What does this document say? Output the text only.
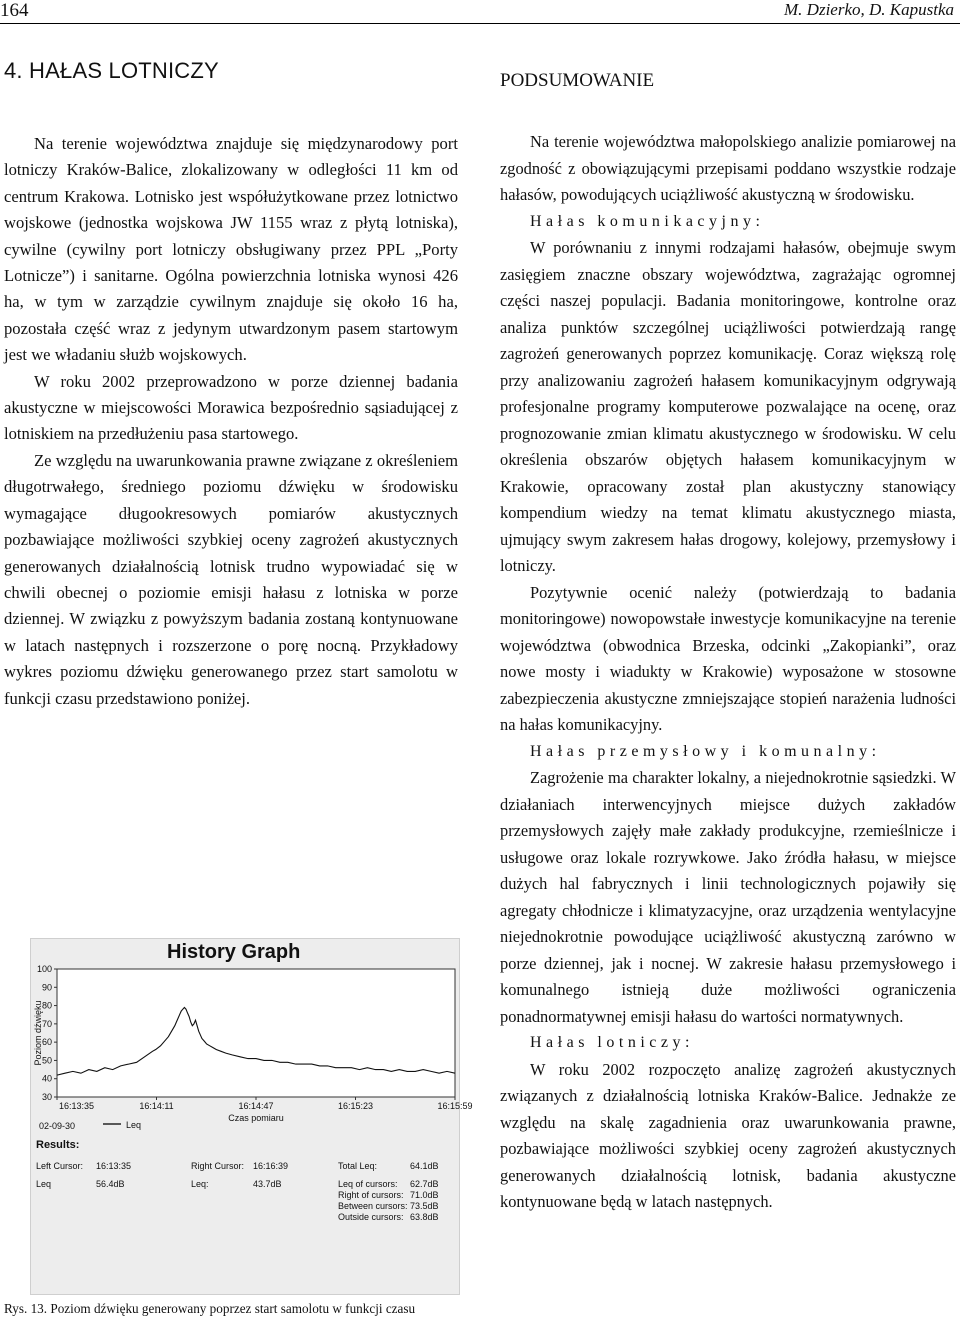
164	M. Dzierko, D. Kapustka
4. HAŁAS LOTNICZY

Na terenie województwa znajduje się międzynarodowy port lotniczy Kraków-Balice, zlokalizowany w odległości 11 km od centrum Krakowa. Lotnisko jest współużytkowane przez lotnictwo wojskowe (jednostka wojskowa JW 1155 wraz z płytą lotniska), cywilne (cywilny port lotniczy obsługiwany przez PPL „Porty Lotnicze”) i sanitarne. Ogólna powierzchnia lotniska wynosi 426 ha, w tym w zarządzie cywilnym znajduje się około 16 ha, pozostała część wraz z jedynym utwardzonym pasem startowym jest we władaniu służb wojskowych.

W roku 2002 przeprowadzono w porze dziennej badania akustyczne w miejscowości Morawica bezpośrednio sąsiadującej z lotniskiem na przedłużeniu pasa startowego.

Ze względu na uwarunkowania prawne związane z określeniem długotrwałego, średniego poziomu dźwięku w środowisku wymagające długookresowych pomiarów akustycznych pozbawiające możliwości szybkiej oceny zagrożeń akustycznych generowanych działalnością lotnisk trudno wypowiadać się w chwili obecnej o poziomie emisji hałasu z lotniska w porze dziennej. W związku z powyższym badania zostaną kontynuowane w latach następnych i rozszerzone o porę nocną. Przykładowy wykres poziomu dźwięku generowanego przez start samolotu w funkcji czasu przedstawiono poniżej.

30
40
50
60
70
80
90
100
16:13:35	16:14:11	16:14:47	16:15:23	16:15:59
Czas pomiaru
Poziom dźwięku
02-09-30	Leq
History Graph
Results:
Left Cursor: 16:13:35	Right Cursor: 16:16:39	Total Leq:	64.1dB
Leq	56.4dB	Leq:	43.7dB	Leq of cursors: 62.7dB
Right of cursors: 71.0dB
Between cursors: 73.5dB
Outside cursors: 63.8dB
Rys. 13. Poziom dźwięku generowany poprzez start samolotu w funkcji czasu
PODSUMOWANIE

Na terenie województwa małopolskiego analizie pomiarowej na zgodność z obowiązującymi przepisami poddano wszystkie rodzaje hałasów, powodujących uciążliwość akustyczną w środowisku.

Hałas komunikacyjny:

W porównaniu z innymi rodzajami hałasów, obejmuje swym zasięgiem znaczne obszary województwa, zagrażając ogromnej części naszej populacji. Badania monitoringowe, kontrolne oraz analiza punktów szczególnej uciążliwości potwierdzają rangę zagrożeń generowanych poprzez komunikację. Coraz większą rolę przy analizowaniu zagrożeń hałasem komunikacyjnym odgrywają profesjonalne programy komputerowe pozwalające na ocenę, oraz prognozowanie zmian klimatu akustycznego w środowisku. W celu określenia obszarów objętych hałasem komunikacyjnym w Krakowie, opracowany został plan akustyczny stanowiący kompendium wiedzy na temat klimatu akustycznego miasta, ujmujący swym zakresem hałas drogowy, kolejowy, przemysłowy i lotniczy.

Pozytywnie ocenić należy (potwierdzają to badania monitoringowe) nowopowstałe inwestycje komunikacyjne na terenie województwa (obwodnica Brzeska, odcinki „Zakopianki”, oraz nowe mosty i wiadukty w Krakowie) wyposażone w stosowne zabezpieczenia akustyczne zmniejszające stopień narażenia ludności na hałas komunikacyjny.

Hałas przemysłowy i komunalny:

Zagrożenie ma charakter lokalny, a niejednokrotnie sąsiedzki. W działaniach interwencyjnych miejsce dużych zakładów przemysłowych zajęły małe zakłady produkcyjne, rzemieślnicze i usługowe oraz lokale rozrywkowe. Jako źródła hałasu, w miejsce dużych hal fabrycznych i linii technologicznych pojawiły się agregaty chłodnicze i klimatyzacyjne, oraz urządzenia wentylacyjne niejednokrotnie powodujące uciążliwość akustyczną zarówno w porze dziennej, jak i nocnej. W zakresie hałasu przemysłowego i komunalnego istnieją duże możliwości ograniczenia ponadnormatywnej emisji hałasu do wartości normatywnych.

Hałas lotniczy:

W roku 2002 rozpoczęto analizę zagrożeń akustycznych związanych z działalnością lotniska Kraków-Balice. Jednakże ze względu na skalę zagadnienia oraz uwarunkowania prawne, pozbawiające możliwości szybkiej oceny zagrożeń akustycznych generowanych działalnością lotnisk, badania akustyczne kontynuowane będą w latach następnych.
